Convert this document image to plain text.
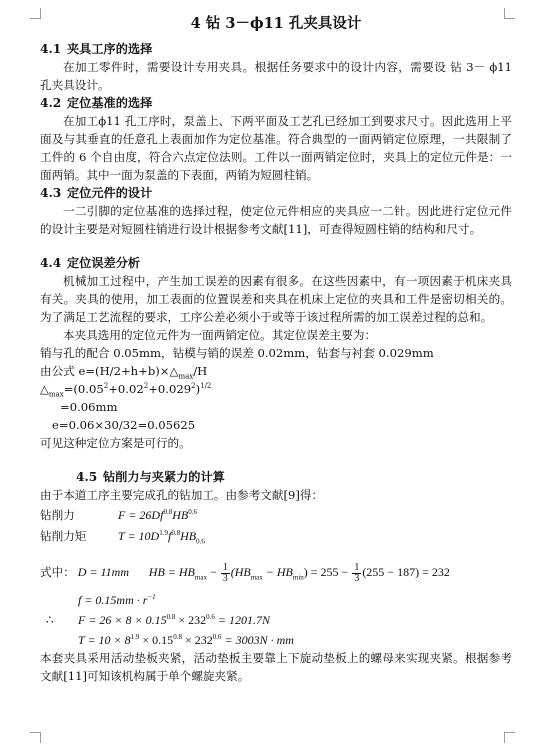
4 钻 3－ϕ11 孔夹具设计
4.1 夹具工序的选择

在加工零件时，需要设计专用夹具。根据任务要求中的设计内容，需要设 钻 3－ ϕ11 孔夹具设计。

4.2 定位基准的选择

在加工ϕ11 孔工序时，泵盖上、下两平面及工艺孔已经加工到要求尺寸。因此选用上平面及与其垂直的任意孔上表面加作为定位基准。符合典型的一面两销定位原理，一共限制了工件的 6 个自由度，符合六点定位法则。工件以一面两销定位时，夹具上的定位元件是：一面两销。其中一面为泵盖的下表面，两销为短圆柱销。

4.3 定位元件的设计

一二引脚的定位基准的选择过程，使定位元件相应的夹具应一二针。因此进行定位元件的设计主要是对短圆柱销进行设计根据参考文献[11]，可查得短圆柱销的结构和尺寸。

4.4 定位误差分析

机械加工过程中，产生加工误差的因素有很多。在这些因素中，有一项因素于机床夹具有关。夹具的使用，加工表面的位置误差和夹具在机床上定位的夹具和工件是密切相关的。为了满足工艺流程的要求，工序公差必须小于或等于该过程所需的加工误差过程的总和。

本夹具选用的定位元件为一面两销定位。其定位误差主要为：

销与孔的配合 0.05mm，钻模与销的误差 0.02mm，钻套与衬套 0.029mm
由公式 $e=(H/2+h+b)\times\triangle_{max}/H$
$\triangle_{max}=(0.05^2+0.02^2+0.029^2)^{1/2}$
=0.06mm
e=0.06×30/32=0.05625
可见这种定位方案是可行的。
4.5 钻削力与夹紧力的计算
由于本道工序主要完成孔的钻加工。由参考文献[9]得：
钻削力	$F = 26Df^{0.8}HB^{0.6}$
钻削力矩	$T = 10D^{1.9}f^{0.8}HB_{0.6}$
式中： D = 11mm HB = $HB_{max} - \frac{1}{3} (HB_{max} - HB_{min}) = 255 - \frac{1}{3} (255 - 187) = 232$
$f = 0.15mm \cdot r^{-1}$
∴ $F = 26 \times 8 \times 0.15^{0.8} \times 232^{0.6} = 1201.7N$
$T = 10 \times 8^{1.9} \times 0.15^{0.8} \times 232^{0.6} = 3003N$ · mm

本套夹具采用活动垫板夹紧，活动垫板主要靠上下旋动垫板上的螺母来实现夹紧。根据参考文献[11]可知该机构属于单个螺旋夹紧。
